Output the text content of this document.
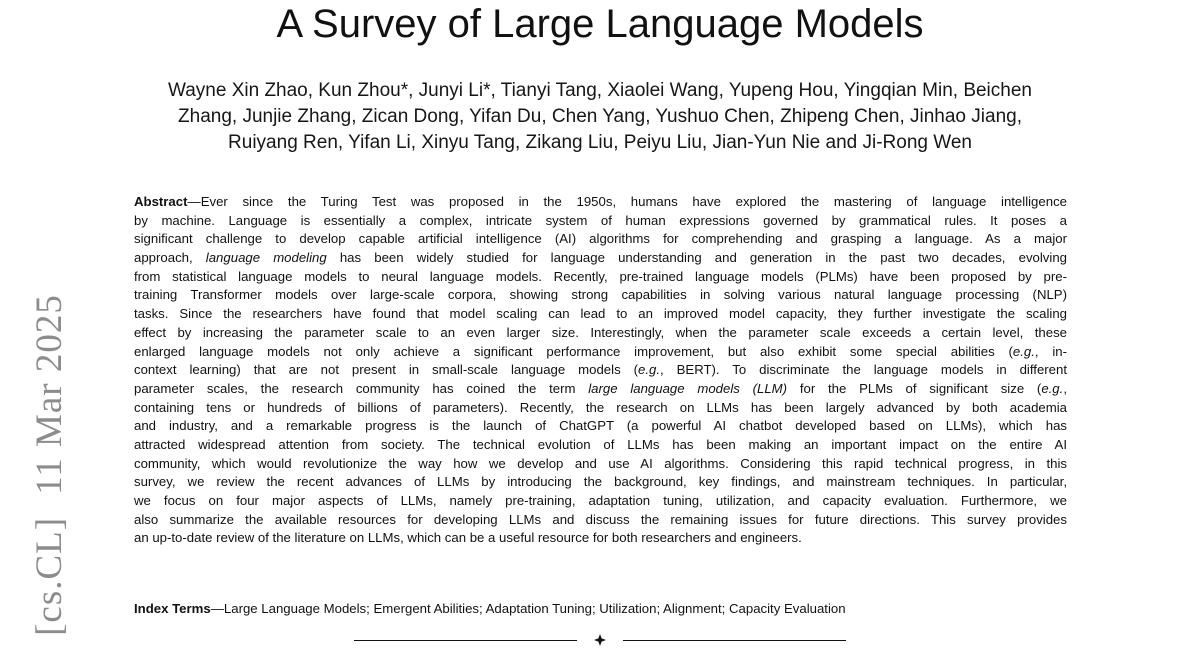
A Survey of Large Language Models
Wayne Xin Zhao, Kun Zhou*, Junyi Li*, Tianyi Tang, Xiaolei Wang, Yupeng Hou, Yingqian Min, Beichen
Zhang, Junjie Zhang, Zican Dong, Yifan Du, Chen Yang, Yushuo Chen, Zhipeng Chen, Jinhao Jiang,
Ruiyang Ren, Yifan Li, Xinyu Tang, Zikang Liu, Peiyu Liu, Jian-Yun Nie and Ji-Rong Wen
[cs.CL]11 Mar 2025
Abstract—Ever since the Turing Test was proposed in the 1950s, humans have explored the mastering of language intelligence
by machine. Language is essentially a complex, intricate system of human expressions governed by grammatical rules. It poses a
significant challenge to develop capable artificial intelligence (AI) algorithms for comprehending and grasping a language. As a major
approach, language modeling has been widely studied for language understanding and generation in the past two decades, evolving
from statistical language models to neural language models. Recently, pre-trained language models (PLMs) have been proposed by pre-
training Transformer models over large-scale corpora, showing strong capabilities in solving various natural language processing (NLP)
tasks. Since the researchers have found that model scaling can lead to an improved model capacity, they further investigate the scaling
effect by increasing the parameter scale to an even larger size. Interestingly, when the parameter scale exceeds a certain level, these
enlarged language models not only achieve a significant performance improvement, but also exhibit some special abilities (e.g., in-
context learning) that are not present in small-scale language models (e.g., BERT). To discriminate the language models in different
parameter scales, the research community has coined the term large language models (LLM) for the PLMs of significant size (e.g.,
containing tens or hundreds of billions of parameters). Recently, the research on LLMs has been largely advanced by both academia
and industry, and a remarkable progress is the launch of ChatGPT (a powerful AI chatbot developed based on LLMs), which has
attracted widespread attention from society. The technical evolution of LLMs has been making an important impact on the entire AI
community, which would revolutionize the way how we develop and use AI algorithms. Considering this rapid technical progress, in this
survey, we review the recent advances of LLMs by introducing the background, key findings, and mainstream techniques. In particular,
we focus on four major aspects of LLMs, namely pre-training, adaptation tuning, utilization, and capacity evaluation. Furthermore, we
also summarize the available resources for developing LLMs and discuss the remaining issues for future directions. This survey provides
an up-to-date review of the literature on LLMs, which can be a useful resource for both researchers and engineers.
Index Terms—Large Language Models; Emergent Abilities; Adaptation Tuning; Utilization; Alignment; Capacity Evaluation
